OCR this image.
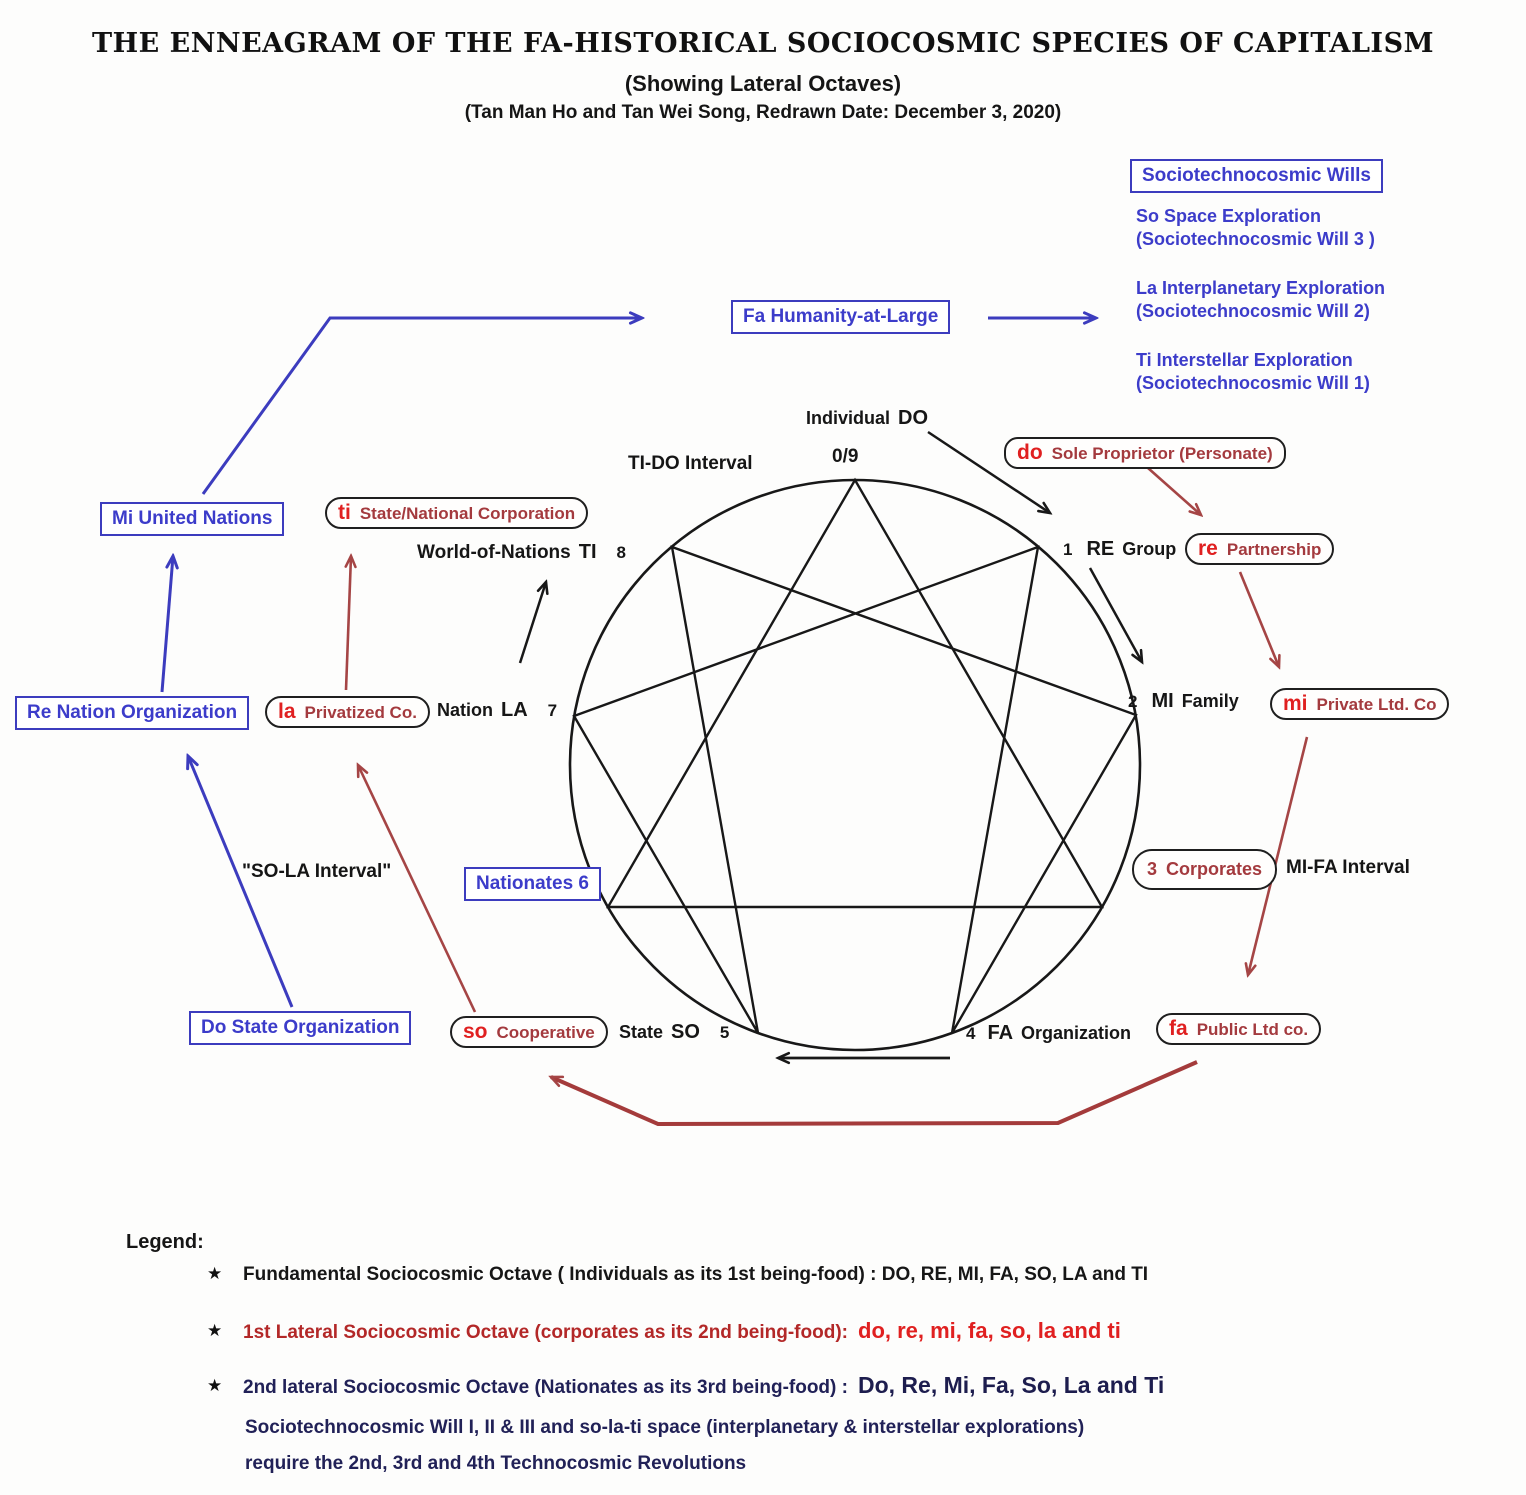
THE ENNEAGRAM OF THE FA-HISTORICAL SOCIOCOSMIC SPECIES OF CAPITALISM
(Showing Lateral Octaves)
(Tan Man Ho and Tan Wei Song, Redrawn Date: December 3, 2020)
Sociotechnocosmic Wills
So Space Exploration
(Sociotechnocosmic Will 3 )
La Interplanetary Exploration
(Sociotechnocosmic Will 2)
Ti Interstellar Exploration
(Sociotechnocosmic Will 1)
Fa Humanity-at-Large
Mi United Nations
Re Nation Organization
Do State Organization
Nationates 6
Individual DO
0/9
1 RE Group
2 MI Family
4 FA Organization
State SO 5
Nation LA 7
World-of-Nations TI 8
TI-DO Interval
"SO-LA Interval"	MI-FA Interval
do Sole Proprietor (Personate)
re Partnership
mi Private Ltd. Co
3 Corporates
fa Public Ltd co.
so Cooperative
la Privatized Co.
ti State/National Corporation
Legend:
★ Fundamental Sociocosmic Octave ( Individuals as its 1st being-food) : DO, RE, MI, FA, SO, LA and TI
★ 1st Lateral Sociocosmic Octave (corporates as its 2nd being-food): do, re, mi, fa, so, la and ti
★ 2nd lateral Sociocosmic Octave (Nationates as its 3rd being-food) : Do, Re, Mi, Fa, So, La and Ti
Sociotechnocosmic Will I, II & III and so-la-ti space (interplanetary & interstellar explorations)
require the 2nd, 3rd and 4th Technocosmic Revolutions
